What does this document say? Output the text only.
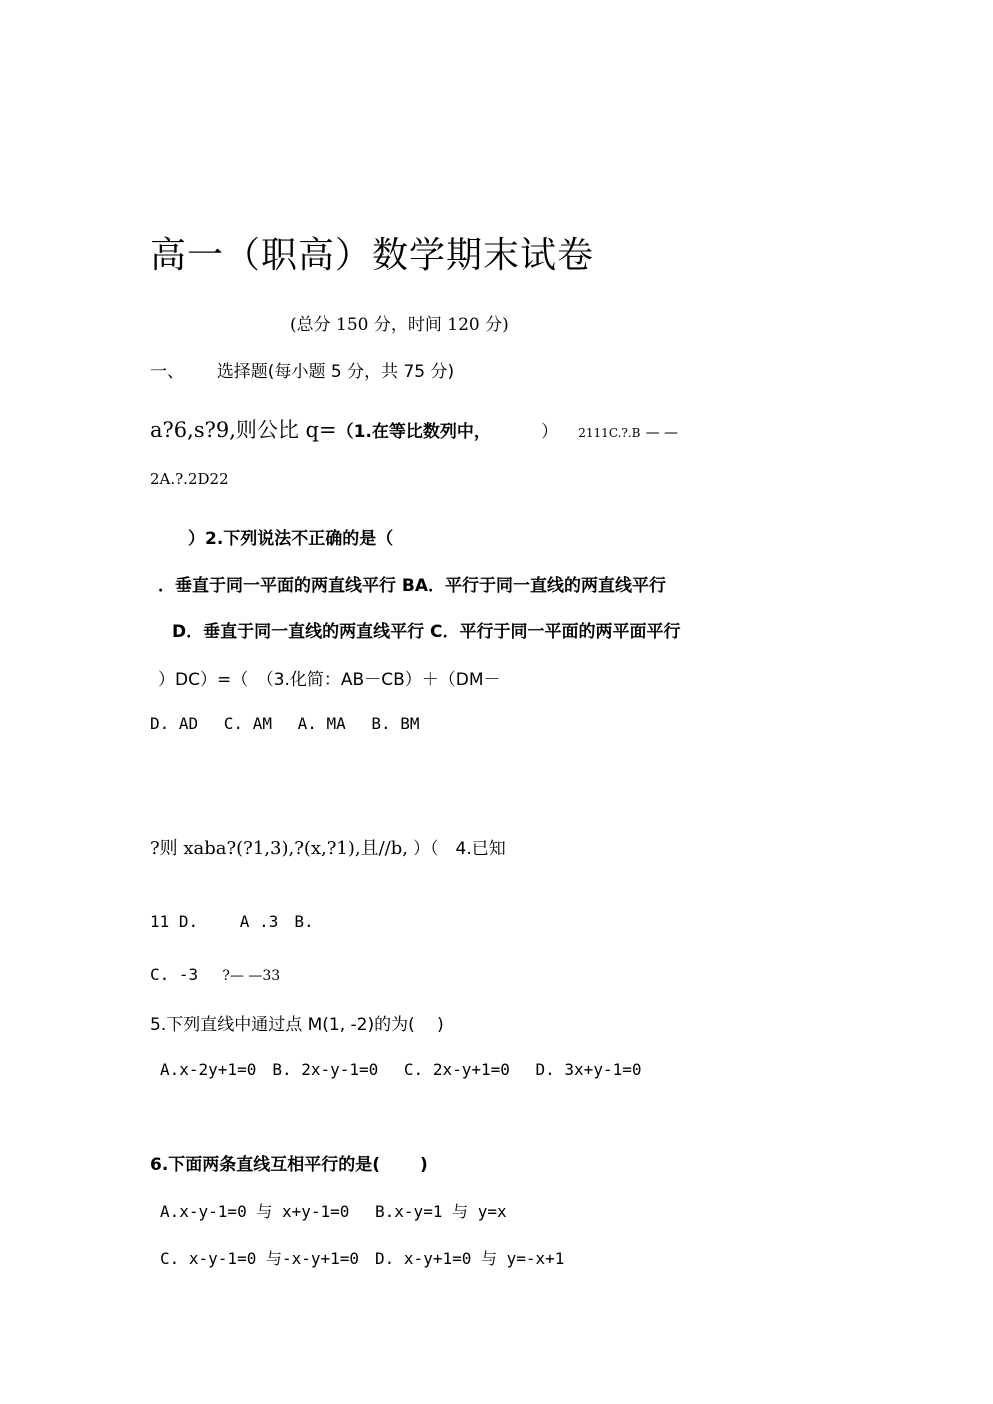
高一（职高）数学期末试卷
(总分 150 分，时间 120 分)
一、 选择题(每小题 5 分，共 75 分)
a?6,s?9,则公比 q=（1.在等比数列中，	） 2111C.?.B — —
2A.?.2D22
）2.下列说法不正确的是（
．垂直于同一平面的两直线平行 BA．平行于同一直线的两直线平行
D．垂直于同一直线的两直线平行 C．平行于同一平面的两平面平行
）DC）=（　（3.化简：AB－CB）＋（DM－
D. AD　 C. AM　 A. MA　 B. BM
?则 xaba?(?1,3),?(x,?1),且//b, ）（　4.已知
11 D.　　 A .3　B.
C. -3 ?— —33
5.下列直线中通过点 M(1, -2)的为(　 )
A.x-2y+1=0　B. 2x-y-1=0　 C. 2x-y+1=0　 D. 3x+y-1=0
6.下面两条直线互相平行的是(　　 )
A.x-y-1=0 与 x+y-1=0　 B.x-y=1 与 y=x
C. x-y-1=0 与-x-y+1=0　D. x-y+1=0 与 y=-x+1
